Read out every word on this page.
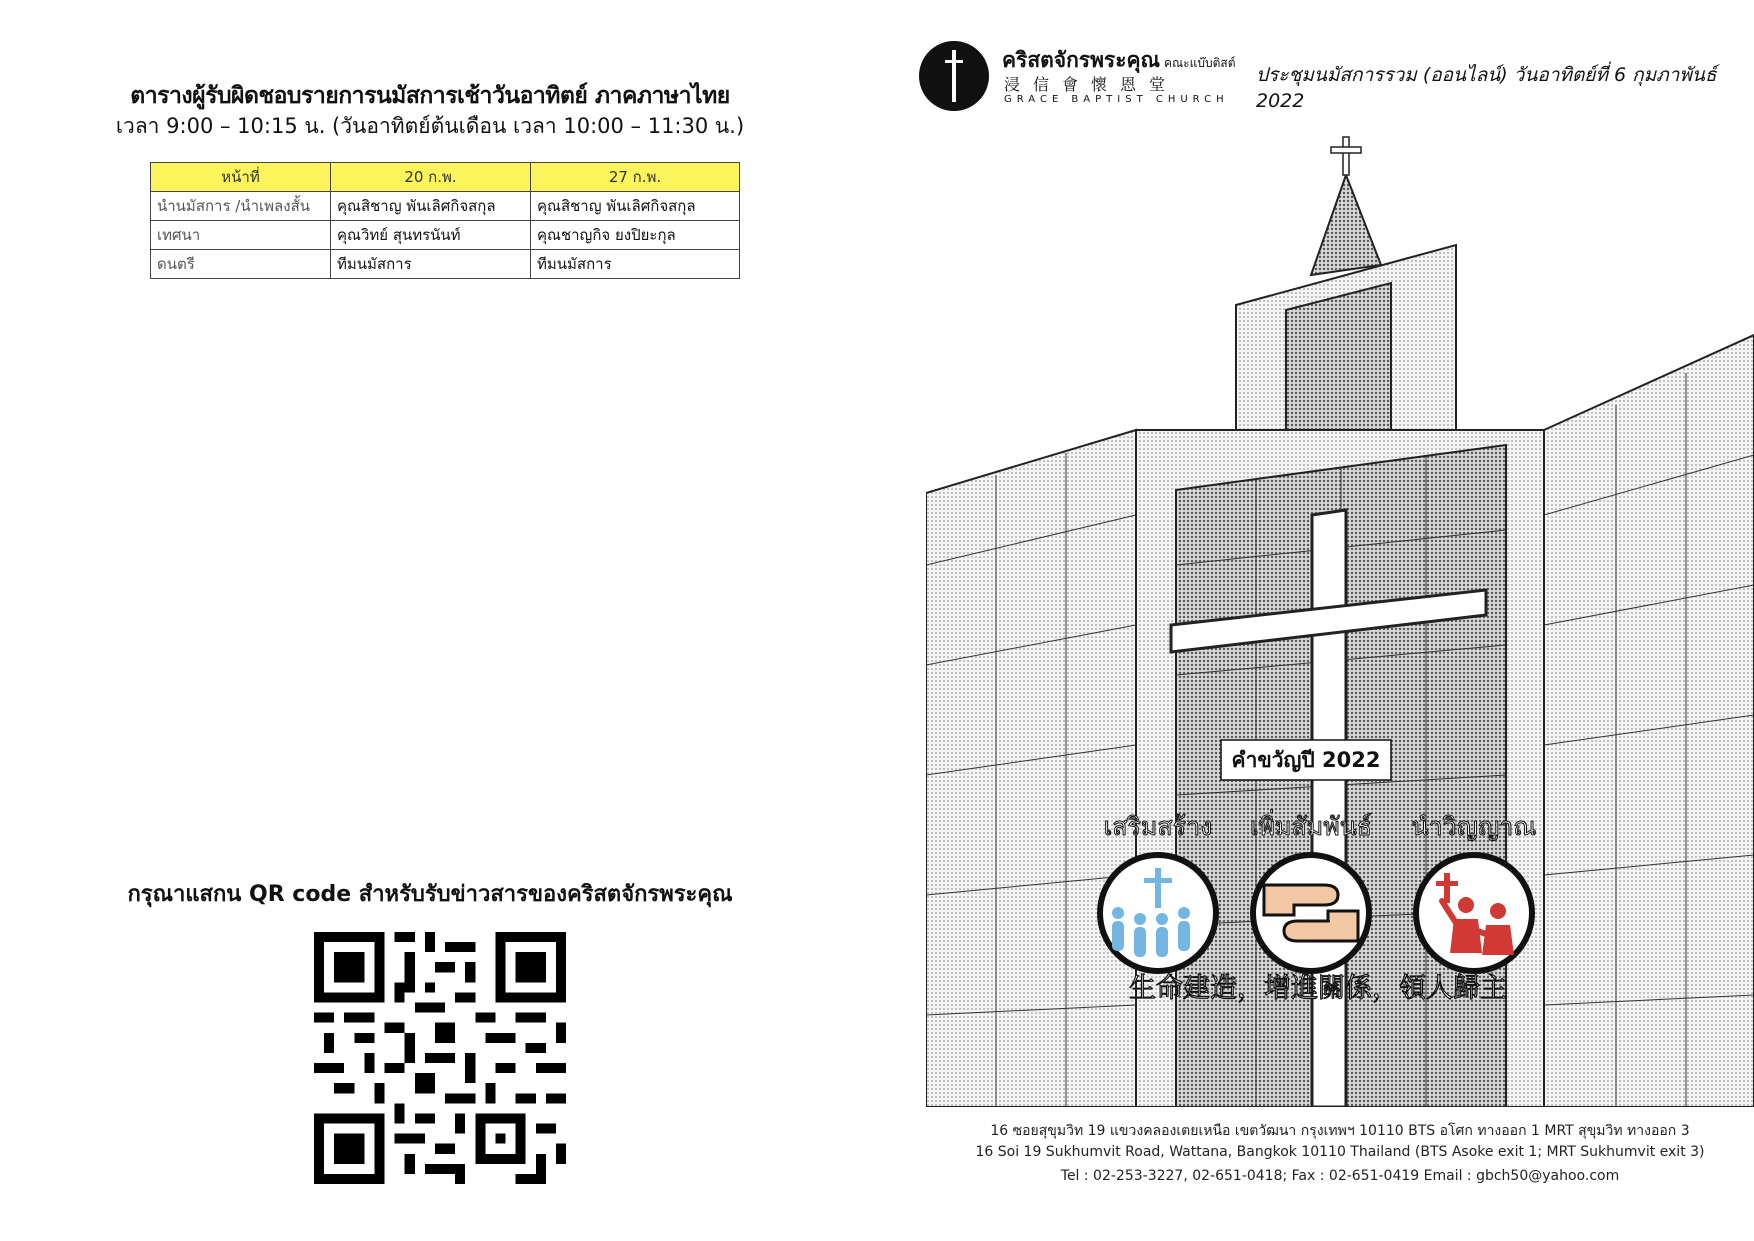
ตารางผู้รับผิดชอบรายการนมัสการเช้าวันอาทิตย์ ภาคภาษาไทย
เวลา 9:00 – 10:15 น. (วันอาทิตย์ต้นเดือน เวลา 10:00 – 11:30 น.)
หน้าที่	20 ก.พ.	27 ก.พ.
นำนมัสการ /นำเพลงสั้น	คุณสิชาญ พันเลิศกิจสกุล	คุณสิชาญ พันเลิศกิจสกุล
เทศนา	คุณวิทย์ สุนทรนันท์	คุณชาญกิจ ยงปิยะกุล
ดนตรี	ทีมนมัสการ	ทีมนมัสการ
กรุณาแสกน QR code สำหรับรับข่าวสารของคริสตจักรพระคุณ
คริสตจักรพระคุณ คณะแบ๊บติสต์
浸信會懷恩堂
GRACE BAPTIST CHURCH
ประชุมนมัสการรวม (ออนไลน์) วันอาทิตย์ที่ 6 กุมภาพันธ์ 2022
คำขวัญปี 2022
เสริมสร้าง เพิ่มสัมพันธ์ นำวิญญาณ
生命建造，增進關係，領人歸主
16 ซอยสุขุมวิท 19 แขวงคลองเตยเหนือ เขตวัฒนา กรุงเทพฯ 10110 BTS อโศก ทางออก 1 MRT สุขุมวิท ทางออก 3
16 Soi 19 Sukhumvit Road, Wattana, Bangkok 10110 Thailand (BTS Asoke exit 1; MRT Sukhumvit exit 3)
Tel : 02-253-3227, 02-651-0418; Fax : 02-651-0419 Email : gbch50@yahoo.com
